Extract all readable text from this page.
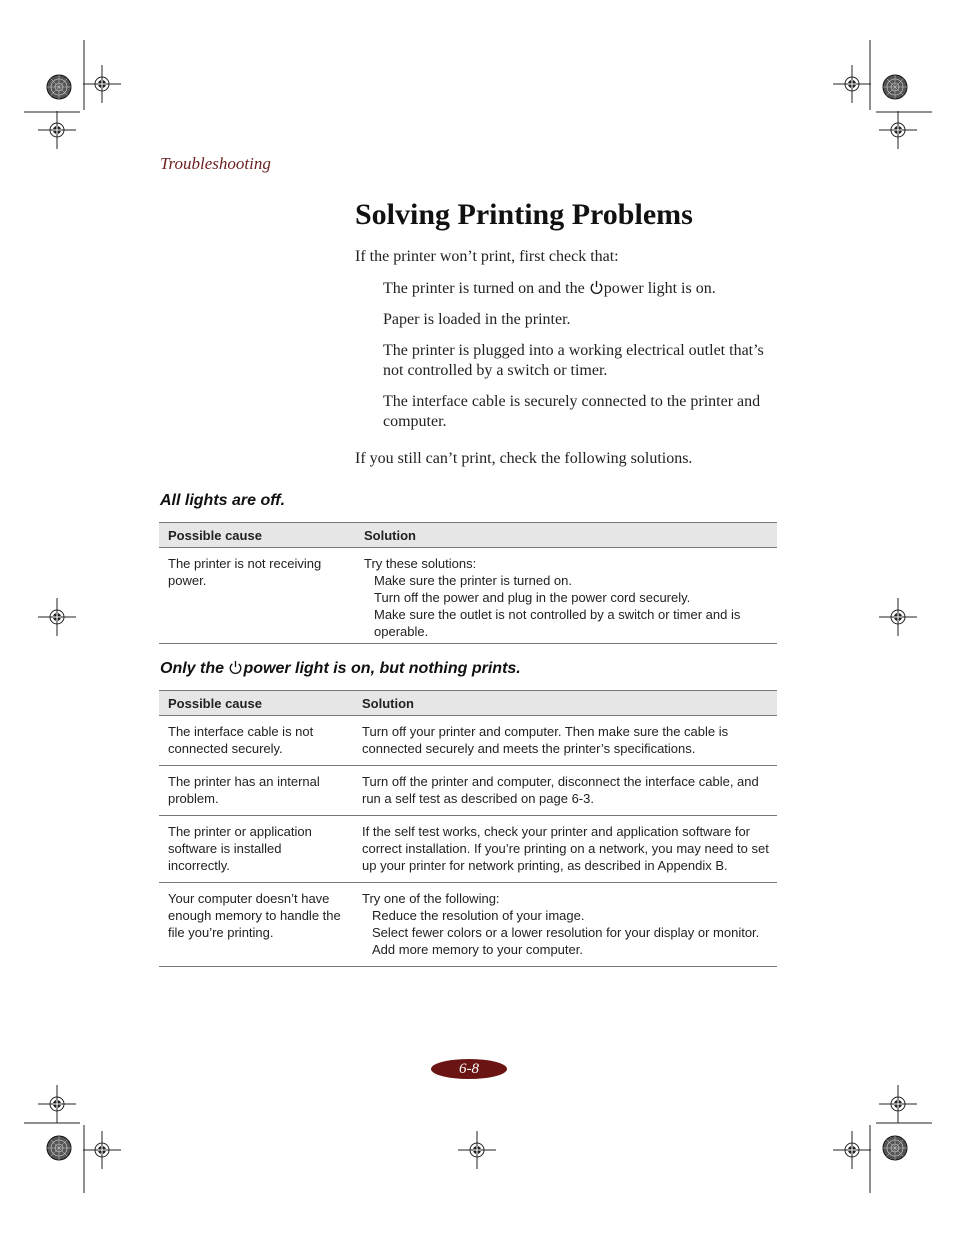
Troubleshooting
Solving Printing Problems
If the printer won’t print, first check that:
The printer is turned on and the power light is on.
Paper is loaded in the printer.
The printer is plugged into a working electrical outlet that’s not controlled by a switch or timer.
The interface cable is securely connected to the printer and computer.
If you still can’t print, check the following solutions.
All lights are off.
Possible cause	Solution
The printer is not receiving power.	Try these solutions:
Make sure the printer is turned on.
Turn off the power and plug in the power cord securely.
Make sure the outlet is not controlled by a switch or timer and is operable.
Only the power light is on, but nothing prints.
Possible cause	Solution
The interface cable is not connected securely.	Turn off your printer and computer. Then make sure the cable is connected securely and meets the printer’s specifications.
The printer has an internal problem.	Turn off the printer and computer, disconnect the interface cable, and run a self test as described on page 6-3.
The printer or application software is installed incorrectly.	If the self test works, check your printer and application software for correct installation. If you’re printing on a network, you may need to set up your printer for network printing, as described in Appendix B.
Your computer doesn’t have enough memory to handle the file you’re printing.	Try one of the following:
Reduce the resolution of your image.
Select fewer colors or a lower resolution for your display or monitor.
Add more memory to your computer.
6-8
